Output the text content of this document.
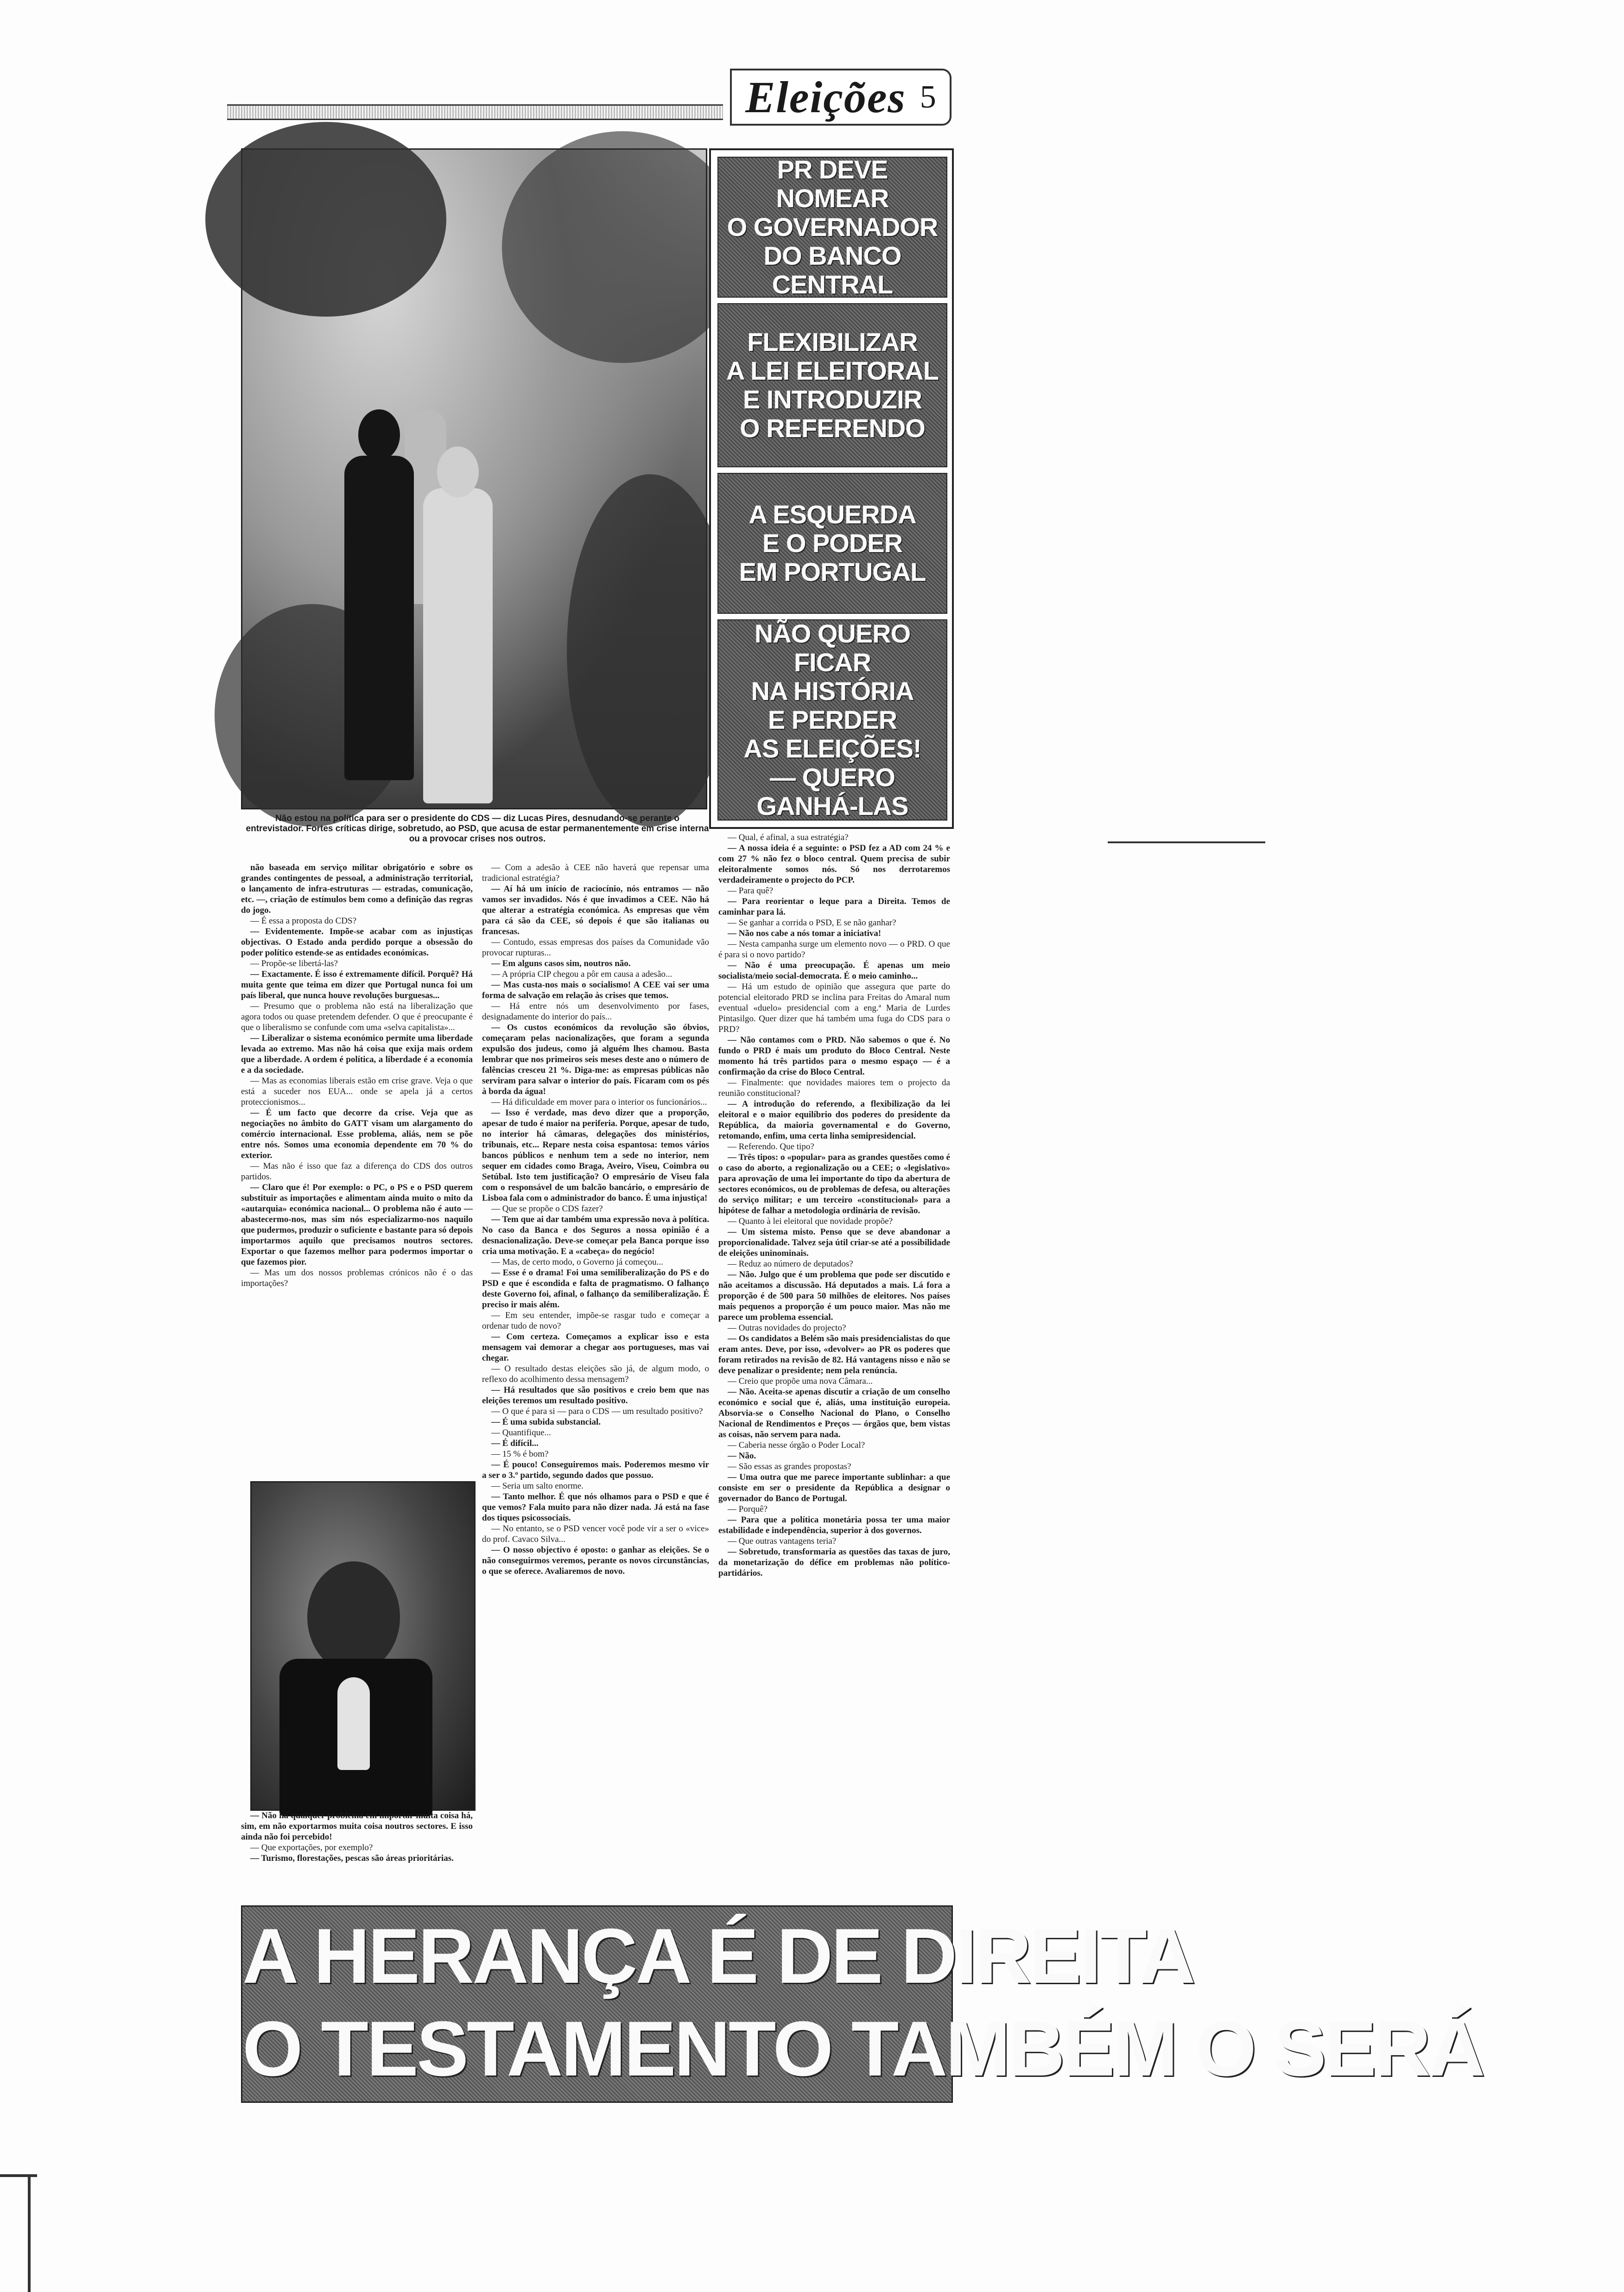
Eleições 5
Não estou na política para ser o presidente do CDS — diz Lucas Pires, desnudando-se perante o entrevistador. Fortes críticas dirige, sobretudo, ao PSD, que acusa de estar permanentemente em crise interna ou a provocar crises nos outros.
PR DEVE NOMEAR
O GOVERNADOR
DO BANCO CENTRAL
FLEXIBILIZAR
A LEI ELEITORAL
E INTRODUZIR
O REFERENDO
A ESQUERDA
E O PODER
EM PORTUGAL
NÃO QUERO FICAR
NA HISTÓRIA
E PERDER
AS ELEIÇÕES!
— QUERO GANHÁ-LAS

não baseada em serviço militar obrigatório e sobre os grandes contingentes de pessoal, a administração territorial, o lançamento de infra-estruturas — estradas, comunicação, etc. —, criação de estímulos bem como a definição das regras do jogo.

— É essa a proposta do CDS?

— Evidentemente. Impõe-se acabar com as injustiças objectivas. O Estado anda perdido porque a obsessão do poder político estende-se as entidades económicas.

— Propõe-se libertá-las?

— Exactamente. É isso é extremamente difícil. Porquê? Há muita gente que teima em dizer que Portugal nunca foi um país liberal, que nunca houve revoluções burguesas...

— Presumo que o problema não está na liberalização que agora todos ou quase pretendem defender. O que é preocupante é que o liberalismo se confunde com uma «selva capitalista»...

— Liberalizar o sistema económico permite uma liberdade levada ao extremo. Mas não há coisa que exija mais ordem que a liberdade. A ordem é política, a liberdade é a economia e a da sociedade.

— Mas as economias liberais estão em crise grave. Veja o que está a suceder nos EUA... onde se apela já a certos proteccionismos...

— É um facto que decorre da crise. Veja que as negociações no âmbito do GATT visam um alargamento do comércio internacional. Esse problema, aliás, nem se põe entre nós. Somos uma economia dependente em 70 % do exterior.

— Mas não é isso que faz a diferença do CDS dos outros partidos.

— Claro que é! Por exemplo: o PC, o PS e o PSD querem substituir as importações e alimentam ainda muito o mito da «autarquia» económica nacional... O problema não é auto — abastecermo-nos, mas sim nós especializarmo-nos naquilo que pudermos, produzir o suficiente e bastante para só depois importarmos aquilo que precisamos noutros sectores. Exportar o que fazemos melhor para podermos importar o que fazemos pior.

— Mas um dos nossos problemas crónicos não é o das importações?

— Não há qualquer problema em importar muita coisa há, sim, em não exportarmos muita coisa noutros sectores. E isso ainda não foi percebido!

— Que exportações, por exemplo?

— Turismo, florestações, pescas são áreas prioritárias.

— Com a adesão à CEE não haverá que repensar uma tradicional estratégia?

— Aí há um início de raciocínio, nós entramos — não vamos ser invadidos. Nós é que invadimos a CEE. Não há que alterar a estratégia económica. As empresas que vêm para cá são da CEE, só depois é que são italianas ou francesas.

— Contudo, essas empresas dos países da Comunidade vão provocar rupturas...

— Em alguns casos sim, noutros não.

— A própria CIP chegou a pôr em causa a adesão...

— Mas custa-nos mais o socialismo! A CEE vai ser uma forma de salvação em relação às crises que temos.

— Há entre nós um desenvolvimento por fases, designadamente do interior do país...

— Os custos económicos da revolução são óbvios, começaram pelas nacionalizações, que foram a segunda expulsão dos judeus, como já alguém lhes chamou. Basta lembrar que nos primeiros seis meses deste ano o número de falências cresceu 21 %. Diga-me: as empresas públicas não serviram para salvar o interior do país. Ficaram com os pés à borda da água!

— Há dificuldade em mover para o interior os funcionários...

— Isso é verdade, mas devo dizer que a proporção, apesar de tudo é maior na periferia. Porque, apesar de tudo, no interior há câmaras, delegações dos ministérios, tribunais, etc... Repare nesta coisa espantosa: temos vários bancos públicos e nenhum tem a sede no interior, nem sequer em cidades como Braga, Aveiro, Viseu, Coimbra ou Setúbal. Isto tem justificação? O empresário de Viseu fala com o responsável de um balcão bancário, o empresário de Lisboa fala com o administrador do banco. É uma injustiça!

— Que se propõe o CDS fazer?

— Tem que ai dar também uma expressão nova à política. No caso da Banca e dos Seguros a nossa opinião é a desnacionalização. Deve-se começar pela Banca porque isso cria uma motivação. E a «cabeça» do negócio!

— Mas, de certo modo, o Governo já começou...

— Esse é o drama! Foi uma semiliberalização do PS e do PSD e que é escondida e falta de pragmatismo. O falhanço deste Governo foi, afinal, o falhanço da semiliberalização. É preciso ir mais além.

— Em seu entender, impõe-se rasgar tudo e começar a ordenar tudo de novo?

— Com certeza. Começamos a explicar isso e esta mensagem vai demorar a chegar aos portugueses, mas vai chegar.

— O resultado destas eleições são já, de algum modo, o reflexo do acolhimento dessa mensagem?

— Há resultados que são positivos e creio bem que nas eleições teremos um resultado positivo.

— O que é para si — para o CDS — um resultado positivo?

— É uma subida substancial.

— Quantifique...

— É difícil...

— 15 % é bom?

— É pouco! Conseguiremos mais. Poderemos mesmo vir a ser o 3.º partido, segundo dados que possuo.

— Seria um salto enorme.

— Tanto melhor. É que nós olhamos para o PSD e que é que vemos? Fala muito para não dizer nada. Já está na fase dos tiques psicossociais.

— No entanto, se o PSD vencer você pode vir a ser o «vice» do prof. Cavaco Silva...

— O nosso objectivo é oposto: o ganhar as eleições. Se o não conseguirmos veremos, perante os novos circunstâncias, o que se oferece. Avaliaremos de novo.

— Qual, é afinal, a sua estratégia?

— A nossa ideia é a seguinte: o PSD fez a AD com 24 % e com 27 % não fez o bloco central. Quem precisa de subir eleitoralmente somos nós. Só nos derrotaremos verdadeiramente o projecto do PCP.

— Para quê?

— Para reorientar o leque para a Direita. Temos de caminhar para lá.

— Se ganhar a corrida o PSD, E se não ganhar?

— Não nos cabe a nós tomar a iniciativa!

— Nesta campanha surge um elemento novo — o PRD. O que é para si o novo partido?

— Não é uma preocupação. É apenas um meio socialista/meio social-democrata. É o meio caminho...

— Há um estudo de opinião que assegura que parte do potencial eleitorado PRD se inclina para Freitas do Amaral num eventual «duelo» presidencial com a eng.ª Maria de Lurdes Pintasilgo. Quer dizer que há também uma fuga do CDS para o PRD?

— Não contamos com o PRD. Não sabemos o que é. No fundo o PRD é mais um produto do Bloco Central. Neste momento há três partidos para o mesmo espaço — é a confirmação da crise do Bloco Central.

— Finalmente: que novidades maiores tem o projecto da reunião constitucional?

— A introdução do referendo, a flexibilização da lei eleitoral e o maior equilíbrio dos poderes do presidente da República, da maioria governamental e do Governo, retomando, enfim, uma certa linha semipresidencial.

— Referendo. Que tipo?

— Três tipos: o «popular» para as grandes questões como é o caso do aborto, a regionalização ou a CEE; o «legislativo» para aprovação de uma lei importante do tipo da abertura de sectores económicos, ou de problemas de defesa, ou alterações do serviço militar; e um terceiro «constitucional» para a hipótese de falhar a metodologia ordinária de revisão.

— Quanto à lei eleitoral que novidade propõe?

— Um sistema misto. Penso que se deve abandonar a proporcionalidade. Talvez seja útil criar-se até a possibilidade de eleições uninominais.

— Reduz ao número de deputados?

— Não. Julgo que é um problema que pode ser discutido e não aceitamos a discussão. Há deputados a mais. Lá fora a proporção é de 500 para 50 milhões de eleitores. Nos países mais pequenos a proporção é um pouco maior. Mas não me parece um problema essencial.

— Outras novidades do projecto?

— Os candidatos a Belém são mais presidencialistas do que eram antes. Deve, por isso, «devolver» ao PR os poderes que foram retirados na revisão de 82. Há vantagens nisso e não se deve penalizar o presidente; nem pela renúncia.

— Creio que propõe uma nova Câmara...

— Não. Aceita-se apenas discutir a criação de um conselho económico e social que é, aliás, uma instituição europeia. Absorvia-se o Conselho Nacional do Plano, o Conselho Nacional de Rendimentos e Preços — órgãos que, bem vistas as coisas, não servem para nada.

— Caberia nesse órgão o Poder Local?

— Não.

— São essas as grandes propostas?

— Uma outra que me parece importante sublinhar: a que consiste em ser o presidente da República a designar o governador do Banco de Portugal.

— Porquê?

— Para que a política monetária possa ter uma maior estabilidade e independência, superior à dos governos.

— Que outras vantagens teria?

— Sobretudo, transformaria as questões das taxas de juro, da monetarização do défice em problemas não político-partidários.

A HERANÇA É DE DIREITA
O TESTAMENTO TAMBÉM O SERÁ
